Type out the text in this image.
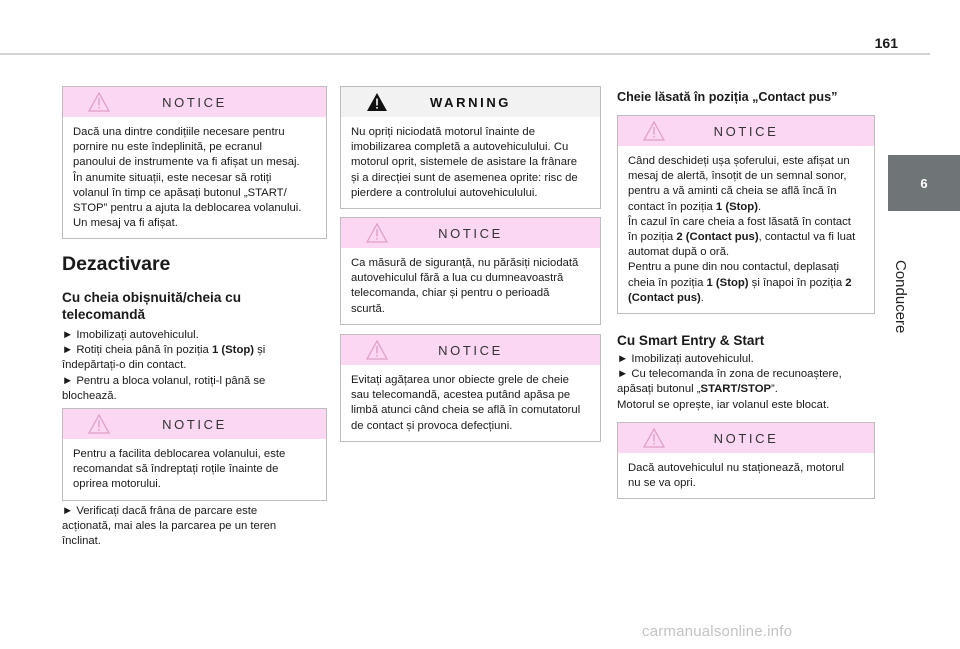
161
6
Conducere
NOTICE
Dacă una dintre condițiile necesare pentru
pornire nu este îndeplinită, pe ecranul
panoului de instrumente va fi afișat un mesaj.
În anumite situații, este necesar să rotiți
volanul în timp ce apăsați butonul „START/
STOP” pentru a ajuta la deblocarea volanului.
Un mesaj va fi afișat.
Dezactivare
Cu cheia obișnuită/cheia cu
telecomandă
► Imobilizați autovehiculul.
► Rotiți cheia până în poziția 1 (Stop) și
îndepărtați-o din contact.
► Pentru a bloca volanul, rotiți-l până se
blochează.
NOTICE
Pentru a facilita deblocarea volanului, este
recomandat să îndreptați roțile înainte de
oprirea motorului.
► Verificați dacă frâna de parcare este
acționată, mai ales la parcarea pe un teren
înclinat.
WARNING
Nu opriți niciodată motorul înainte de
imobilizarea completă a autovehiculului. Cu
motorul oprit, sistemele de asistare la frânare
și a direcției sunt de asemenea oprite: risc de
pierdere a controlului autovehiculului.
NOTICE
Ca măsură de siguranță, nu părăsiți niciodată
autovehiculul fără a lua cu dumneavoastră
telecomanda, chiar și pentru o perioadă
scurtă.
NOTICE
Evitați agățarea unor obiecte grele de cheie
sau telecomandă, acestea putând apăsa pe
limbă atunci când cheia se află în comutatorul
de contact și provoca defecțiuni.
Cheie lăsată în poziția „Contact pus”
NOTICE
Când deschideți ușa șoferului, este afișat un
mesaj de alertă, însoțit de un semnal sonor,
pentru a vă aminti că cheia se află încă în
contact în poziția 1 (Stop).
În cazul în care cheia a fost lăsată în contact
în poziția 2 (Contact pus), contactul va fi luat
automat după o oră.
Pentru a pune din nou contactul, deplasați
cheia în poziția 1 (Stop) și înapoi în poziția 2
(Contact pus).
Cu Smart Entry & Start
► Imobilizați autovehiculul.
► Cu telecomanda în zona de recunoaștere,
apăsați butonul „START/STOP”.
Motorul se oprește, iar volanul este blocat.
NOTICE
Dacă autovehiculul nu staționează, motorul
nu se va opri.
carmanualsonline.info
